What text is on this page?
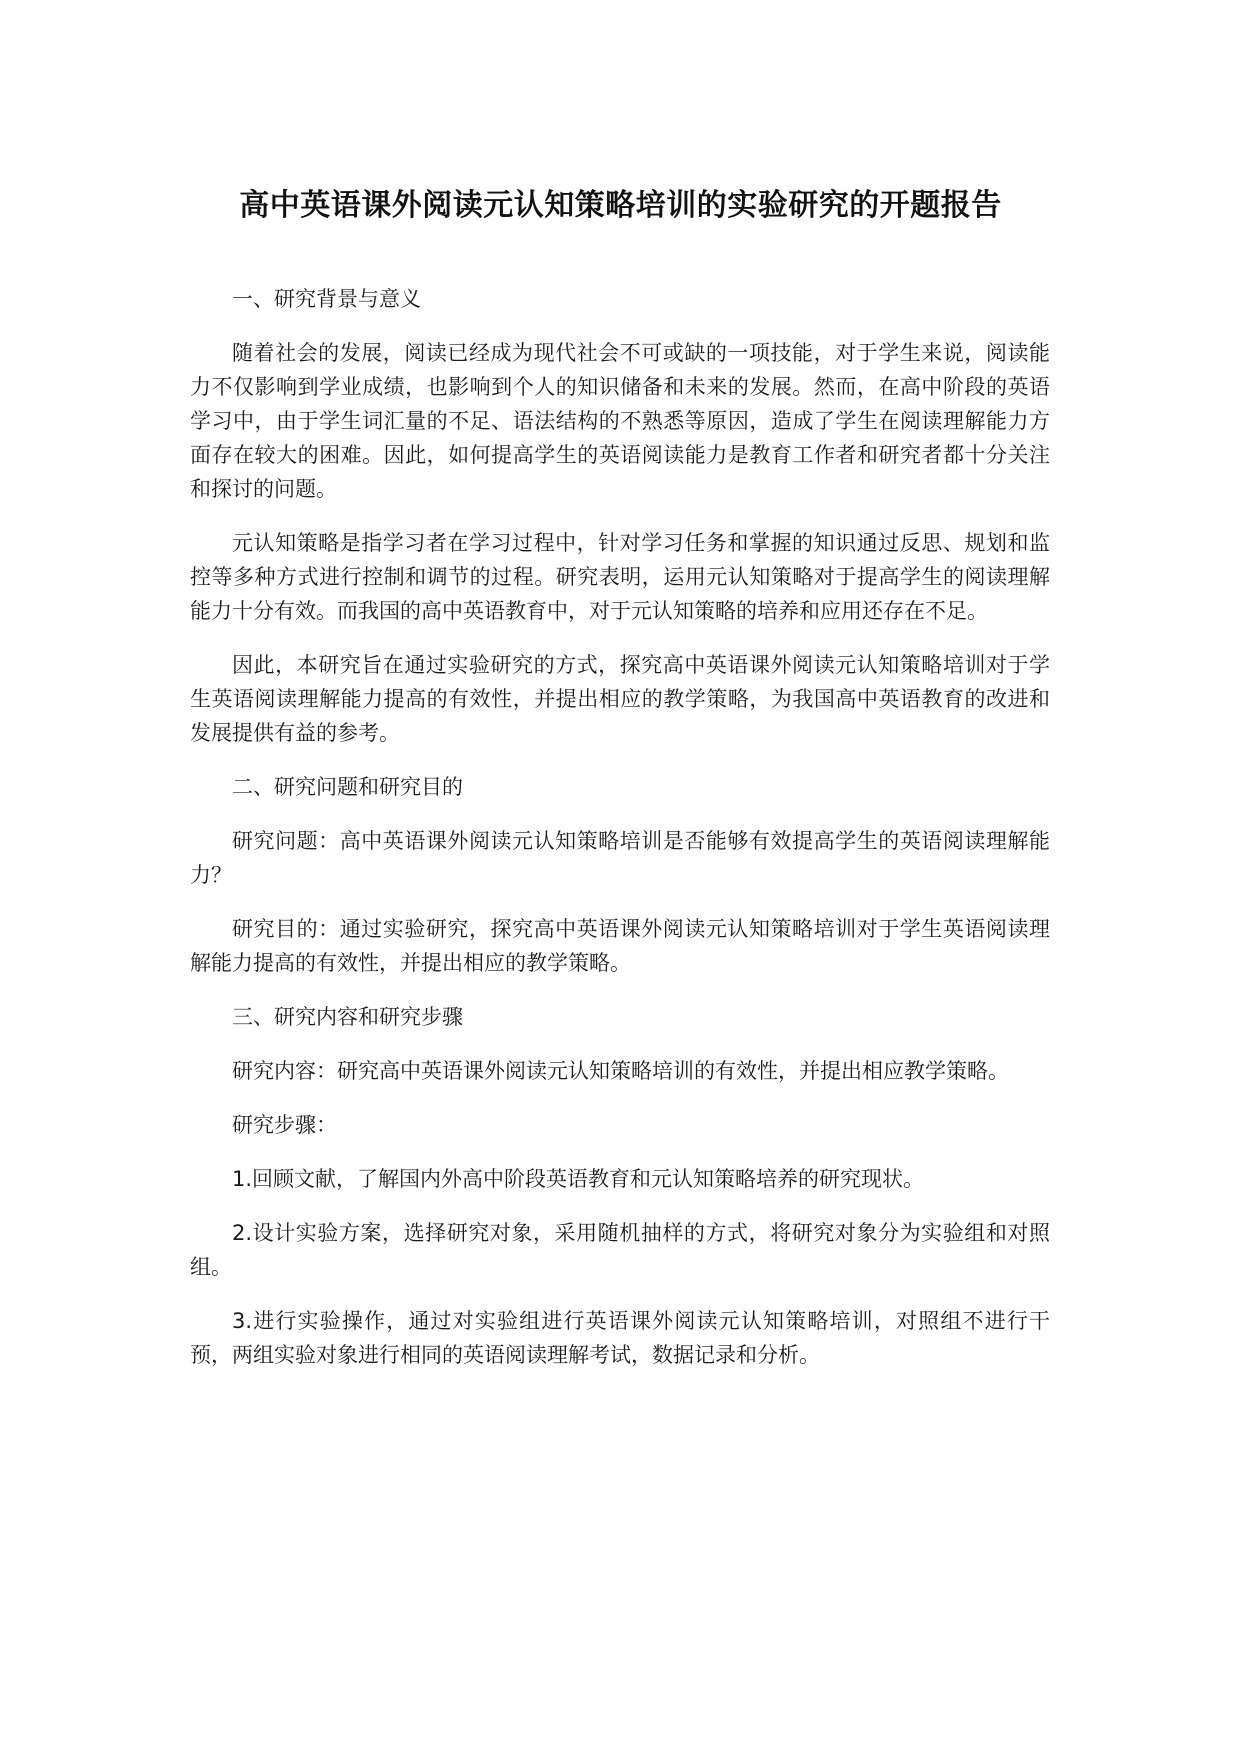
高中英语课外阅读元认知策略培训的实验研究的开题报告

一、研究背景与意义

随着社会的发展，阅读已经成为现代社会不可或缺的一项技能，对于学生来说，阅读能力不仅影响到学业成绩，也影响到个人的知识储备和未来的发展。然而，在高中阶段的英语学习中，由于学生词汇量的不足、语法结构的不熟悉等原因，造成了学生在阅读理解能力方面存在较大的困难。因此，如何提高学生的英语阅读能力是教育工作者和研究者都十分关注和探讨的问题。

元认知策略是指学习者在学习过程中，针对学习任务和掌握的知识通过反思、规划和监控等多种方式进行控制和调节的过程。研究表明，运用元认知策略对于提高学生的阅读理解能力十分有效。而我国的高中英语教育中，对于元认知策略的培养和应用还存在不足。

因此，本研究旨在通过实验研究的方式，探究高中英语课外阅读元认知策略培训对于学生英语阅读理解能力提高的有效性，并提出相应的教学策略，为我国高中英语教育的改进和发展提供有益的参考。

二、研究问题和研究目的

研究问题：高中英语课外阅读元认知策略培训是否能够有效提高学生的英语阅读理解能力？

研究目的：通过实验研究，探究高中英语课外阅读元认知策略培训对于学生英语阅读理解能力提高的有效性，并提出相应的教学策略。

三、研究内容和研究步骤

研究内容：研究高中英语课外阅读元认知策略培训的有效性，并提出相应教学策略。

研究步骤：

1.回顾文献，了解国内外高中阶段英语教育和元认知策略培养的研究现状。

2.设计实验方案，选择研究对象，采用随机抽样的方式，将研究对象分为实验组和对照组。

3.进行实验操作，通过对实验组进行英语课外阅读元认知策略培训，对照组不进行干预，两组实验对象进行相同的英语阅读理解考试，数据记录和分析。
